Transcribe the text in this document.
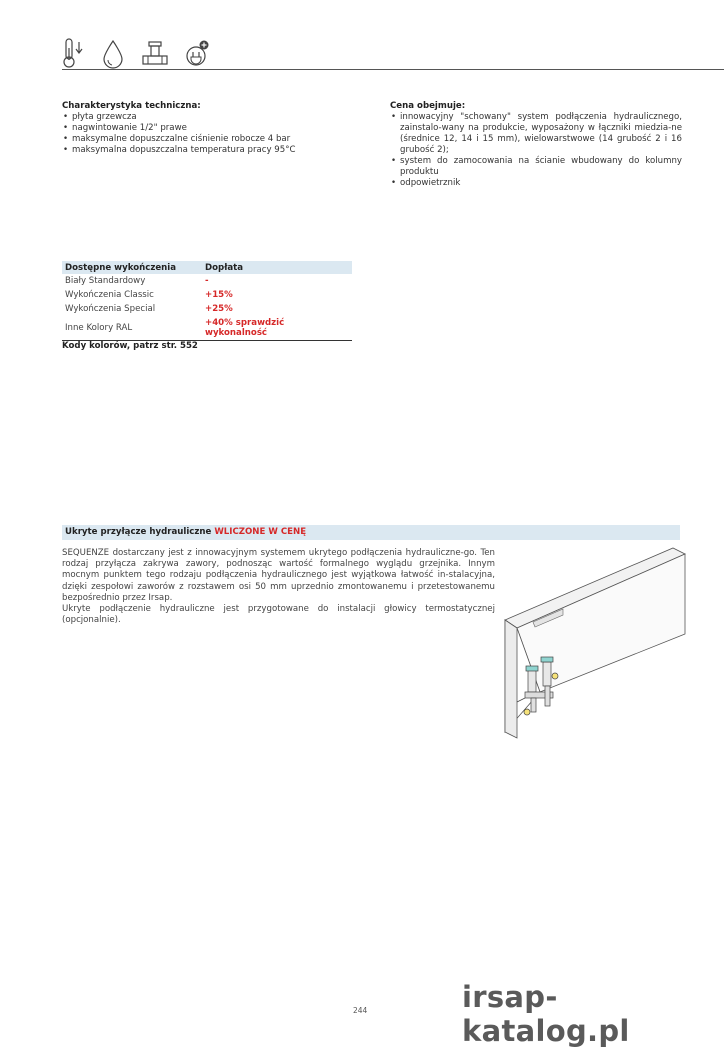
Charakterystyka techniczna:
• płyta grzewcza
• nagwintowanie 1/2" prawe
• maksymalne dopuszczalne ciśnienie robocze 4 bar
• maksymalna dopuszczalna temperatura pracy 95°C
Cena obejmuje:
• innowacyjny "schowany" system podłączenia hydraulicznego, zainstalo-wany na produkcie, wyposażony w łączniki miedzia-ne (średnice 12, 14 i 15 mm), wielowarstwowe (14 grubość 2 i 16 grubość 2);
• system do zamocowania na ścianie wbudowany do kolumny produktu
• odpowietrznik
Dostępne wykończenia	Dopłata
Biały Standardowy	-
Wykończenia Classic	+15%
Wykończenia Special	+25%
Inne Kolory RAL	+40% sprawdzić wykonalność
Kody kolorów, patrz str. 552
Ukryte przyłącze hydrauliczne WLICZONE W CENĘ

SEQUENZE dostarczany jest z innowacyjnym systemem ukrytego podłączenia hydrauliczne-go. Ten rodzaj przyłącza zakrywa zawory, podnosząc wartość formalnego wyglądu grzejnika. Innym mocnym punktem tego rodzaju podłączenia hydraulicznego jest wyjątkowa łatwość in-stalacyjna, dzięki zespołowi zaworów z rozstawem osi 50 mm uprzednio zmontowanemu i przetestowanemu bezpośrednio przez Irsap.

Ukryte podłączenie hydrauliczne jest przygotowane do instalacji głowicy termostatycznej (opcjonalnie).

244	irsap-katalog.pl
